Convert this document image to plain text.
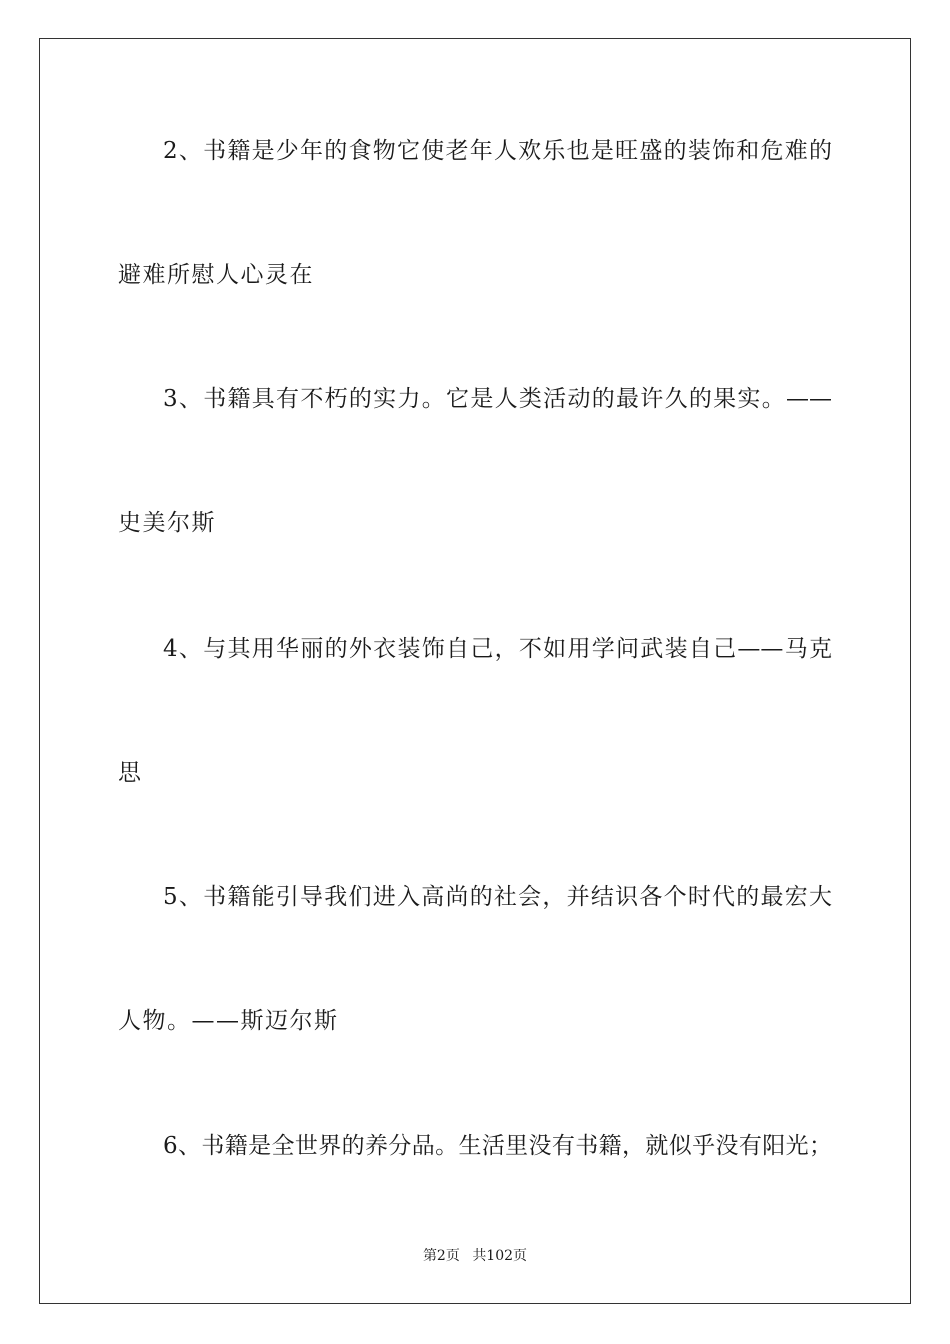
2、书籍是少年的食物它使老年人欢乐也是旺盛的装饰和危难的
避难所慰人心灵在
3、书籍具有不朽的实力。它是人类活动的最许久的果实。——
史美尔斯
4、与其用华丽的外衣装饰自己，不如用学问武装自己——马克
思
5、书籍能引导我们进入高尚的社会，并结识各个时代的最宏大
人物。——斯迈尔斯
6、书籍是全世界的养分品。生活里没有书籍，就似乎没有阳光；
第2页 共102页
